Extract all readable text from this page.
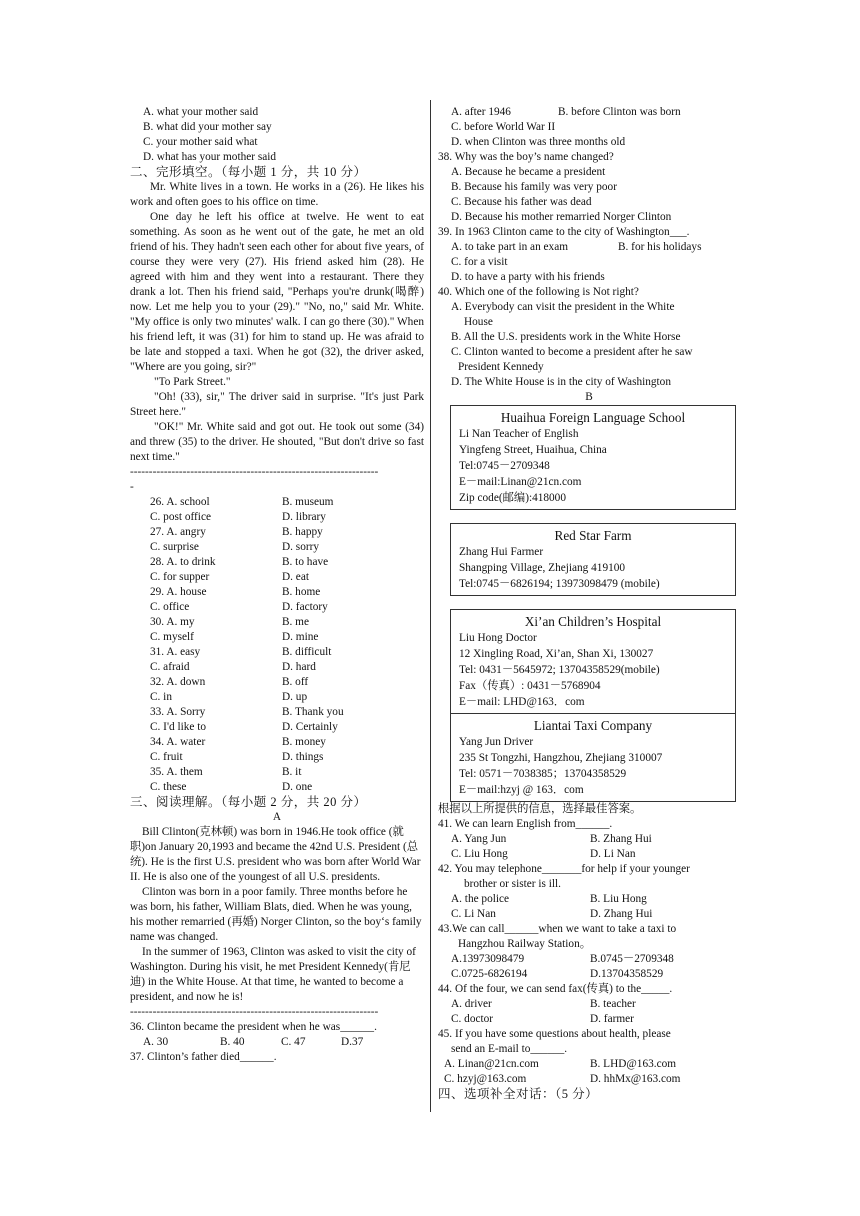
A. what your mother said
B. what did your mother say
C. your mother said what
D. what has your mother said
二、完形填空。（每小题 1 分，共 10 分）

Mr. White lives in a town. He works in a (26). He likes his work and often goes to his office on time.

One day he left his office at twelve. He went to eat something. As soon as he went out of the gate, he met an old friend of his. They hadn't seen each other for about five years, of course they were very (27). His friend asked him (28). He agreed with him and they went into a restaurant. There they drank a lot. Then his friend said, "Perhaps you're drunk(喝醉) now. Let me help you to your (29)." "No, no," said Mr. White. "My office is only two minutes' walk. I can go there (30)." When his friend left, it was (31) for him to stand up. He was afraid to be late and stopped a taxi. When he got (32), the driver asked, "Where are you going, sir?"

"To Park Street."

"Oh! (33), sir," The driver said in surprise. "It's just Park Street here."

"OK!" Mr. White said and got out. He took out some (34) and threw (35) to the driver. He shouted, "But don't drive so fast next time."

------------------------------------------------------------------
-
26. A. school	B. museum
C. post office	D. library
27. A. angry	B. happy
C. surprise	D. sorry
28. A. to drink	B. to have
C. for supper	D. eat
29. A. house	B. home
C. office	D. factory
30. A. my	B. me
C. myself	D. mine
31. A. easy	B. difficult
C. afraid	D. hard
32. A. down	B. off
C. in	D. up
33. A. Sorry	B. Thank you
C. I'd like to	D. Certainly
34. A. water	B. money
C. fruit	D. things
35. A. them	B. it
C. these	D. one
三、阅读理解。（每小题 2 分，共 20 分）
A

Bill Clinton(克林顿) was born in 1946.He took office (就职)on January 20,1993 and became the 42nd U.S. President (总统). He is the first U.S. president who was born after World War II. He is also one of the youngest of all U.S. presidents.

Clinton was born in a poor family. Three months before he was born, his father, William Blats, died. When he was young, his mother remarried (再婚) Norger Clinton, so the boy‘s family name was changed.

In the summer of 1963, Clinton was asked to visit the city of Washington. During his visit, he met President Kennedy(肯尼迪) in the White House. At that time, he wanted to become a president, and now he is!

------------------------------------------------------------------
36. Clinton became the president when he was______.
A. 30	B. 40	C. 47	D.37
37. Clinton’s father died______.
A. after 1946	B. before Clinton was born
C. before World War II
D. when Clinton was three months old
38. Why was the boy’s name changed?
A. Because he became a president
B. Because his family was very poor
C. Because his father was dead
D. Because his mother remarried Norger Clinton
39. In 1963 Clinton came to the city of Washington___.
A. to take part in an exam	B. for his holidays
C. for a visit
D. to have a party with his friends
40. Which one of the following is Not right?
A. Everybody can visit the president in the White
House
B. All the U.S. presidents work in the White Horse
C. Clinton wanted to become a president after he saw
President Kennedy
D. The White House is in the city of Washington
B
Huaihua Foreign Language School
Li Nan Teacher of English
Yingfeng Street, Huaihua, China
Tel:0745－2709348
E－mail:Linan@21cn.com
Zip code(邮编):418000
Red Star Farm
Zhang Hui Farmer
Shangping Village, Zhejiang 419100
Tel:0745－6826194; 13973098479 (mobile)
Xi’an Children’s Hospital
Liu Hong Doctor
12 Xingling Road, Xi’an, Shan Xi, 130027
Tel: 0431－5645972; 13704358529(mobile)
Fax（传真）: 0431－5768904
E－mail: LHD@163．com
Liantai Taxi Company
Yang Jun Driver
235 St Tongzhi, Hangzhou, Zhejiang 310007
Tel: 0571－7038385；13704358529
E－mail:hzyj @ 163．com
根据以上所提供的信息，选择最佳答案。
41. We can learn English from______.
A. Yang Jun	B. Zhang Hui
C. Liu Hong	D. Li Nan
42. You may telephone_______for help if your younger
brother or sister is ill.
A. the police	B. Liu Hong
C. Li Nan	D. Zhang Hui
43.We can call______when we want to take a taxi to
Hangzhou Railway Station。
A.13973098479	B.0745－2709348
C.0725-6826194	D.13704358529
44. Of the four, we can send fax(传真) to the_____.
A. driver	B. teacher
C. doctor	D. farmer
45. If you have some questions about health, please
send an E-mail to______.
A. Linan@21cn.com	B. LHD@163.com
C. hzyj@163.com	D. hhMx@163.com
四、选项补全对话：（5 分）
